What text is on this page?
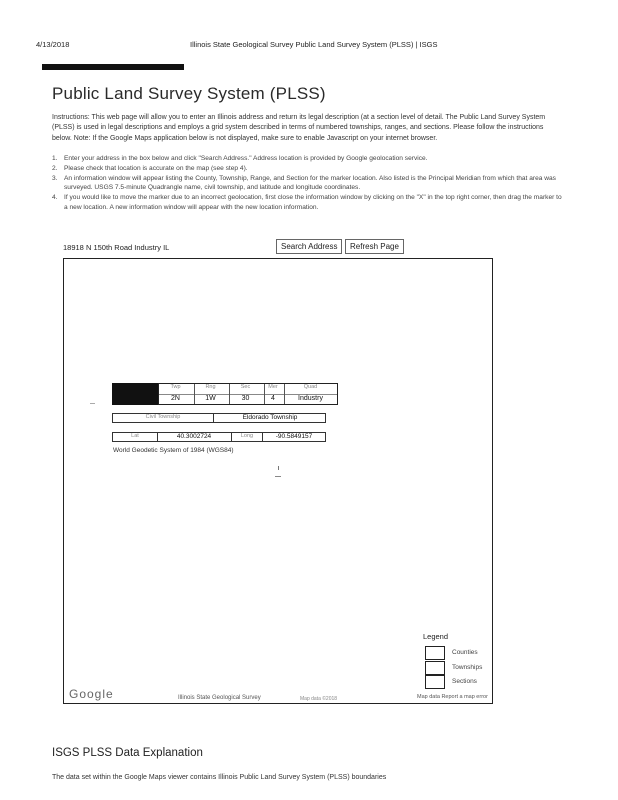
4/13/2018	Illinois State Geological Survey Public Land Survey System (PLSS) | ISGS
Public Land Survey System (PLSS)
Instructions: This web page will allow you to enter an Illinois address and return its legal description (at a section level of detail. The Public Land Survey System (PLSS) is used in legal descriptions and employs a grid system described in terms of numbered townships, ranges, and sections. Please follow the instructions below. Note: If the Google Maps application below is not displayed, make sure to enable Javascript on your internet browser.
1. Enter your address in the box below and click "Search Address." Address location is provided by Google geolocation service.
2. Please check that location is accurate on the map (see step 4).
3. An information window will appear listing the County, Township, Range, and Section for the marker location. Also listed is the Principal Meridian from which that area was surveyed. USGS 7.5-minute Quadrangle name, civil township, and latitude and longitude coordinates.
4. If you would like to move the marker due to an incorrect geolocation, first close the information window by clicking on the "X" in the top right corner, then drag the marker to a new location. A new information window will appear with the new location information.
18918 N 150th Road Industry IL
Search Address	Refresh Page
Twp	Rng	Sec	Mer	Quad
2N	1W	30	4	Industry
Civil Township	Eldorado Township
Lat	40.3002724	Long	-90.5849157
World Geodetic System of 1984 (WGS84)
Legend
Counties
Townships
Sections
Google	Illinois State Geological Survey	Map data ©2018	Map data Report a map error
ISGS PLSS Data Explanation
The data set within the Google Maps viewer contains Illinois Public Land Survey System (PLSS) boundaries
